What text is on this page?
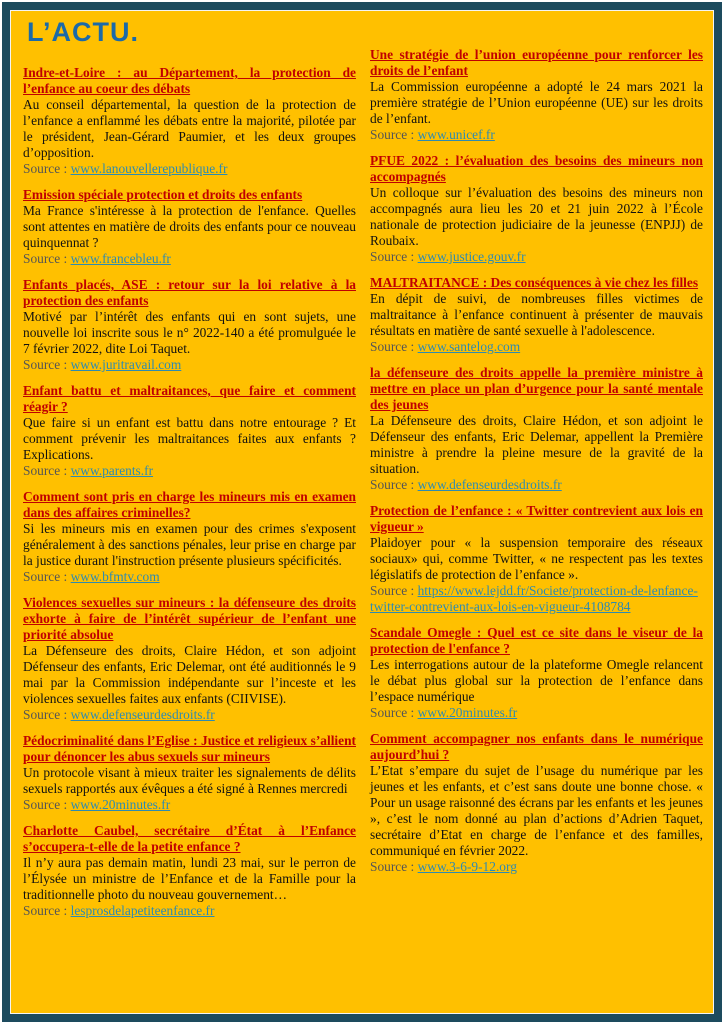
L’ACTU.
Indre-et-Loire : au Département, la protection de l’enfance au coeur des débats
Au conseil départemental, la question de la protection de l’enfance a enflammé les débats entre la majorité, pilotée par le président, Jean-Gérard Paumier, et les deux groupes d’opposition.
Source : www.lanouvellerepublique.fr
Emission spéciale protection et droits des enfants
Ma France s'intéresse à la protection de l'enfance. Quelles sont attentes en matière de droits des enfants pour ce nouveau quinquennat ?
Source : www.francebleu.fr
Enfants placés, ASE : retour sur la loi relative à la protection des enfants
Motivé par l’intérêt des enfants qui en sont sujets, une nouvelle loi inscrite sous le n° 2022-140 a été promulguée le 7 février 2022, dite Loi Taquet.
Source : www.juritravail.com
Enfant battu et maltraitances, que faire et comment réagir ?
Que faire si un enfant est battu dans notre entourage ? Et comment prévenir les maltraitances faites aux enfants ? Explications.
Source : www.parents.fr
Comment sont pris en charge les mineurs mis en examen dans des affaires criminelles?
Si les mineurs mis en examen pour des crimes s'exposent généralement à des sanctions pénales, leur prise en charge par la justice durant l'instruction présente plusieurs spécificités.
Source : www.bfmtv.com
Violences sexuelles sur mineurs : la défenseure des droits exhorte à faire de l’intérêt supérieur de l’enfant une priorité absolue
La Défenseure des droits, Claire Hédon, et son adjoint Défenseur des enfants, Eric Delemar, ont été auditionnés le 9 mai par la Commission indépendante sur l’inceste et les violences sexuelles faites aux enfants (CIIVISE).
Source : www.defenseurdesdroits.fr
Pédocriminalité dans l’Eglise : Justice et religieux s’allient pour dénoncer les abus sexuels sur mineurs
Un protocole visant à mieux traiter les signalements de délits sexuels rapportés aux évêques a été signé à Rennes mercredi
Source : www.20minutes.fr
Charlotte Caubel, secrétaire d’État à l’Enfance s’occupera-t-elle de la petite enfance ?
Il n’y aura pas demain matin, lundi 23 mai, sur le perron de l’Élysée un ministre de l’Enfance et de la Famille pour la traditionnelle photo du nouveau gouvernement…
Source : lesprosdelapetiteenfance.fr
Une stratégie de l’union européenne pour renforcer les droits de l’enfant
La Commission européenne a adopté le 24 mars 2021 la première stratégie de l’Union européenne (UE) sur les droits de l’enfant.
Source : www.unicef.fr
PFUE 2022 : l’évaluation des besoins des mineurs non accompagnés
Un colloque sur l’évaluation des besoins des mineurs non accompagnés aura lieu les 20 et 21 juin 2022 à l’École nationale de protection judiciaire de la jeunesse (ENPJJ) de Roubaix.
Source : www.justice.gouv.fr
MALTRAITANCE : Des conséquences à vie chez les filles
En dépit de suivi, de nombreuses filles victimes de maltraitance à l’enfance continuent à présenter de mauvais résultats en matière de santé sexuelle à l'adolescence.
Source : www.santelog.com
la défenseure des droits appelle la première ministre à mettre en place un plan d’urgence pour la santé mentale des jeunes
La Défenseure des droits, Claire Hédon, et son adjoint le Défenseur des enfants, Eric Delemar, appellent la Première ministre à prendre la pleine mesure de la gravité de la situation.
Source : www.defenseurdesdroits.fr
Protection de l’enfance : « Twitter contrevient aux lois en vigueur »
Plaidoyer pour « la suspension temporaire des réseaux sociaux» qui, comme Twitter, « ne respectent pas les textes législatifs de protection de l’enfance ».
Source : https://www.lejdd.fr/Societe/protection-de-lenfance-twitter-contrevient-aux-lois-en-vigueur-4108784
Scandale Omegle : Quel est ce site dans le viseur de la protection de l'enfance ?
Les interrogations autour de la plateforme Omegle relancent le débat plus global sur la protection de l’enfance dans l’espace numérique
Source : www.20minutes.fr
Comment accompagner nos enfants dans le numérique aujourd’hui ?
L’Etat s’empare du sujet de l’usage du numérique par les jeunes et les enfants, et c’est sans doute une bonne chose. « Pour un usage raisonné des écrans par les enfants et les jeunes », c’est le nom donné au plan d’actions d’Adrien Taquet, secrétaire d’Etat en charge de l’enfance et des familles, communiqué en février 2022.
Source : www.3-6-9-12.org
